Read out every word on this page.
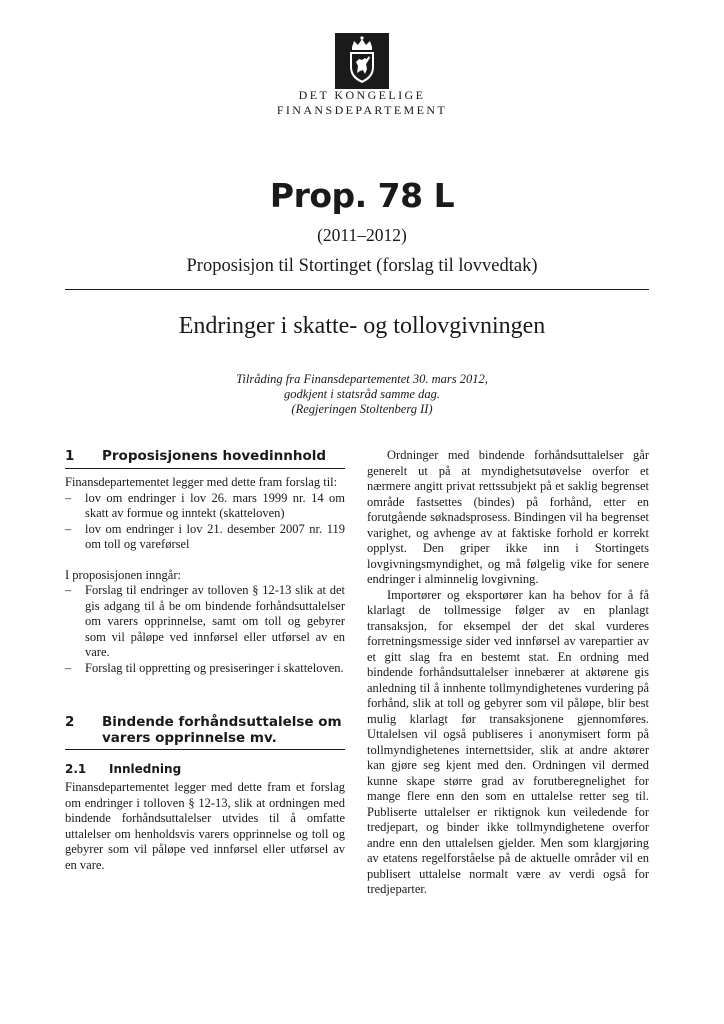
DET KONGELIGE
FINANSDEPARTEMENT
Prop. 78 L
(2011–2012)
Proposisjon til Stortinget (forslag til lovvedtak)
Endringer i skatte- og tollovgivningen
Tilråding fra Finansdepartementet 30. mars 2012,
godkjent i statsråd samme dag.
(Regjeringen Stoltenberg II)
1	Proposisjonens hovedinnhold
Finansdepartementet legger med dette fram forslag til:
– lov om endringer i lov 26. mars 1999 nr. 14 om skatt av formue og inntekt (skatteloven)
– lov om endringer i lov 21. desember 2007 nr. 119 om toll og vareførsel
I proposisjonen inngår:
– Forslag til endringer av tolloven § 12-13 slik at det gis adgang til å be om bindende forhåndsuttalelser om varers opprinnelse, samt om toll og gebyrer som vil påløpe ved innførsel eller utførsel av en vare.
– Forslag til oppretting og presiseringer i skatteloven.
2	Bindende forhåndsuttalelse om varers opprinnelse mv.
2.1	Innledning
Finansdepartementet legger med dette fram et forslag om endringer i tolloven § 12-13, slik at ordningen med bindende forhåndsuttalelser utvides til å omfatte uttalelser om henholdsvis varers opprinnelse og toll og gebyrer som vil påløpe ved innførsel eller utførsel av en vare.
Ordninger med bindende forhåndsuttalelser går generelt ut på at myndighetsutøvelse overfor et nærmere angitt privat rettssubjekt på et saklig begrenset område fastsettes (bindes) på forhånd, etter en forutgående søknadsprosess. Bindingen vil ha begrenset varighet, og avhenge av at faktiske forhold er korrekt opplyst. Den griper ikke inn i Stortingets lovgivningsmyndighet, og må følgelig vike for senere endringer i alminnelig lovgivning.
Importører og eksportører kan ha behov for å få klarlagt de tollmessige følger av en planlagt transaksjon, for eksempel der det skal vurderes forretningsmessige sider ved innførsel av varepartier av et gitt slag fra en bestemt stat. En ordning med bindende forhåndsuttalelser innebærer at aktørene gis anledning til å innhente tollmyndighetenes vurdering på forhånd, slik at toll og gebyrer som vil påløpe, blir best mulig klarlagt før transaksjonene gjennomføres. Uttalelsen vil også publiseres i anonymisert form på tollmyndighetenes internettsider, slik at andre aktører kan gjøre seg kjent med den. Ordningen vil dermed kunne skape større grad av forutberegnelighet for mange flere enn den som en uttalelse retter seg til. Publiserte uttalelser er riktignok kun veiledende for tredjepart, og binder ikke tollmyndighetene overfor andre enn den uttalelsen gjelder. Men som klargjøring av etatens regelforståelse på de aktuelle områder vil en publisert uttalelse normalt være av verdi også for tredjeparter.
